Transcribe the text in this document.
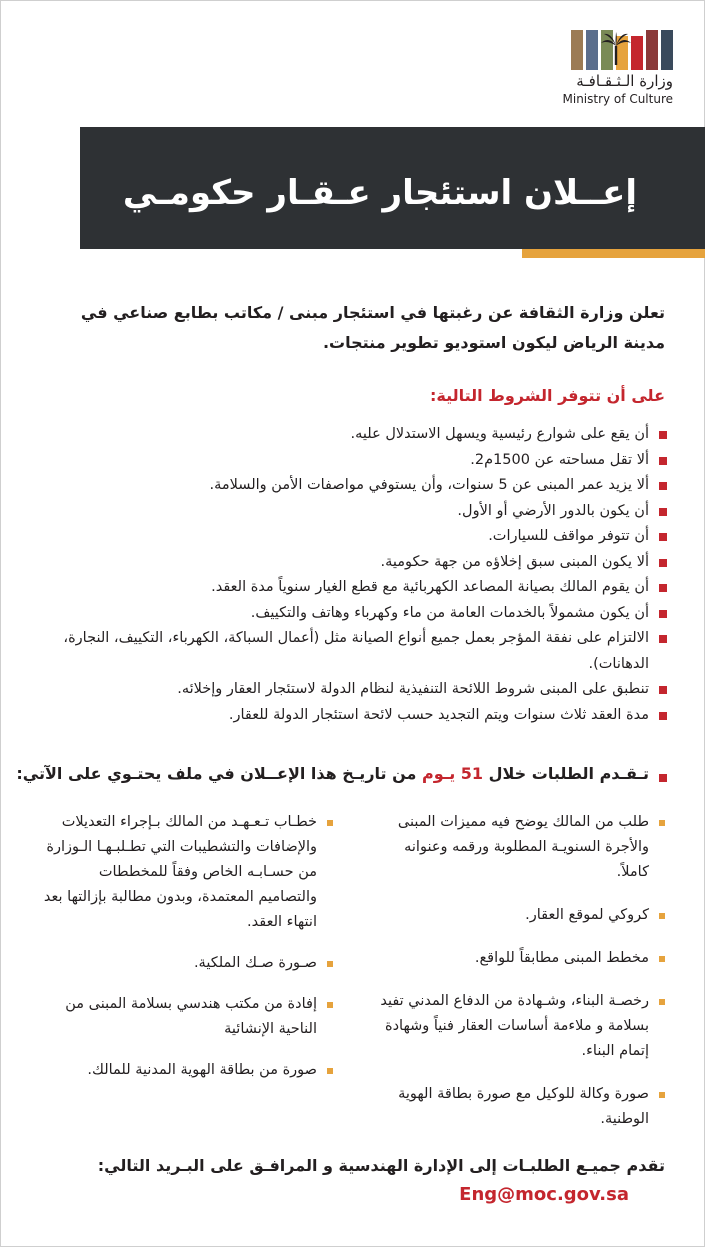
وزارة الـثـقـافـة
Ministry of Culture
إعــلان استئجار عـقـار حكومـي
تعلن وزارة الثقافة عن رغبتها في استئجار مبنى / مكاتب بطابع صناعي في مدينة الرياض ليكون استوديو تطوير منتجات.
على أن تتوفر الشروط التالية:
أن يقع على شوارع رئيسية ويسهل الاستدلال عليه.
ألا تقل مساحته عن 1500م2.
ألا يزيد عمر المبنى عن 5 سنوات، وأن يستوفي مواصفات الأمن والسلامة.
أن يكون بالدور الأرضي أو الأول.
أن تتوفر مواقف للسيارات.
ألا يكون المبنى سبق إخلاؤه من جهة حكومية.
أن يقوم المالك بصيانة المصاعد الكهربائية مع قطع الغيار سنوياً مدة العقد.
أن يكون مشمولاً بالخدمات العامة من ماء وكهرباء وهاتف والتكييف.
الالتزام على نفقة المؤجر بعمل جميع أنواع الصيانة مثل (أعمال السباكة، الكهرباء، التكييف، النجارة، الدهانات).
تنطبق على المبنى شروط اللائحة التنفيذية لنظام الدولة لاستئجار العقار وإخلائه.
مدة العقد ثلاث سنوات ويتم التجديد حسب لائحة استئجار الدولة للعقار.
تـقـدم الطلبات خلال 51 يـوم من تاريـخ هذا الإعــلان في ملف يحتـوي على الآتي:
طلب من المالك يوضح فيه مميزات المبنى والأجرة السنويـة المطلوبة ورقمه وعنوانه كاملاً.
كروكي لموقع العقار.
مخطط المبنى مطابقاً للواقع.
رخصـة البناء، وشـهادة من الدفاع المدني تفيد بسلامة و ملاءمة أساسات العقار فنياً وشهادة إتمام البناء.
صورة وكالة للوكيل مع صورة بطاقة الهوية الوطنية.
خطـاب تـعـهـد من المالك بـإجراء التعديلات والإضافات والتشطيبات التي تطـلبـهـا الـوزارة من حسـابـه الخاص وفقاً للمخططات والتصاميم المعتمدة، وبدون مطالبة بإزالتها بعد انتهاء العقد.
صـورة صـك الملكية.
إفادة من مكتب هندسي بسلامة المبنى من الناحية الإنشائية
صورة من بطاقة الهوية المدنية للمالك.
تقدم جميـع الطلبـات إلى الإدارة الهندسية و المرافـق على البـريد التالي:
Eng@moc.gov.sa
